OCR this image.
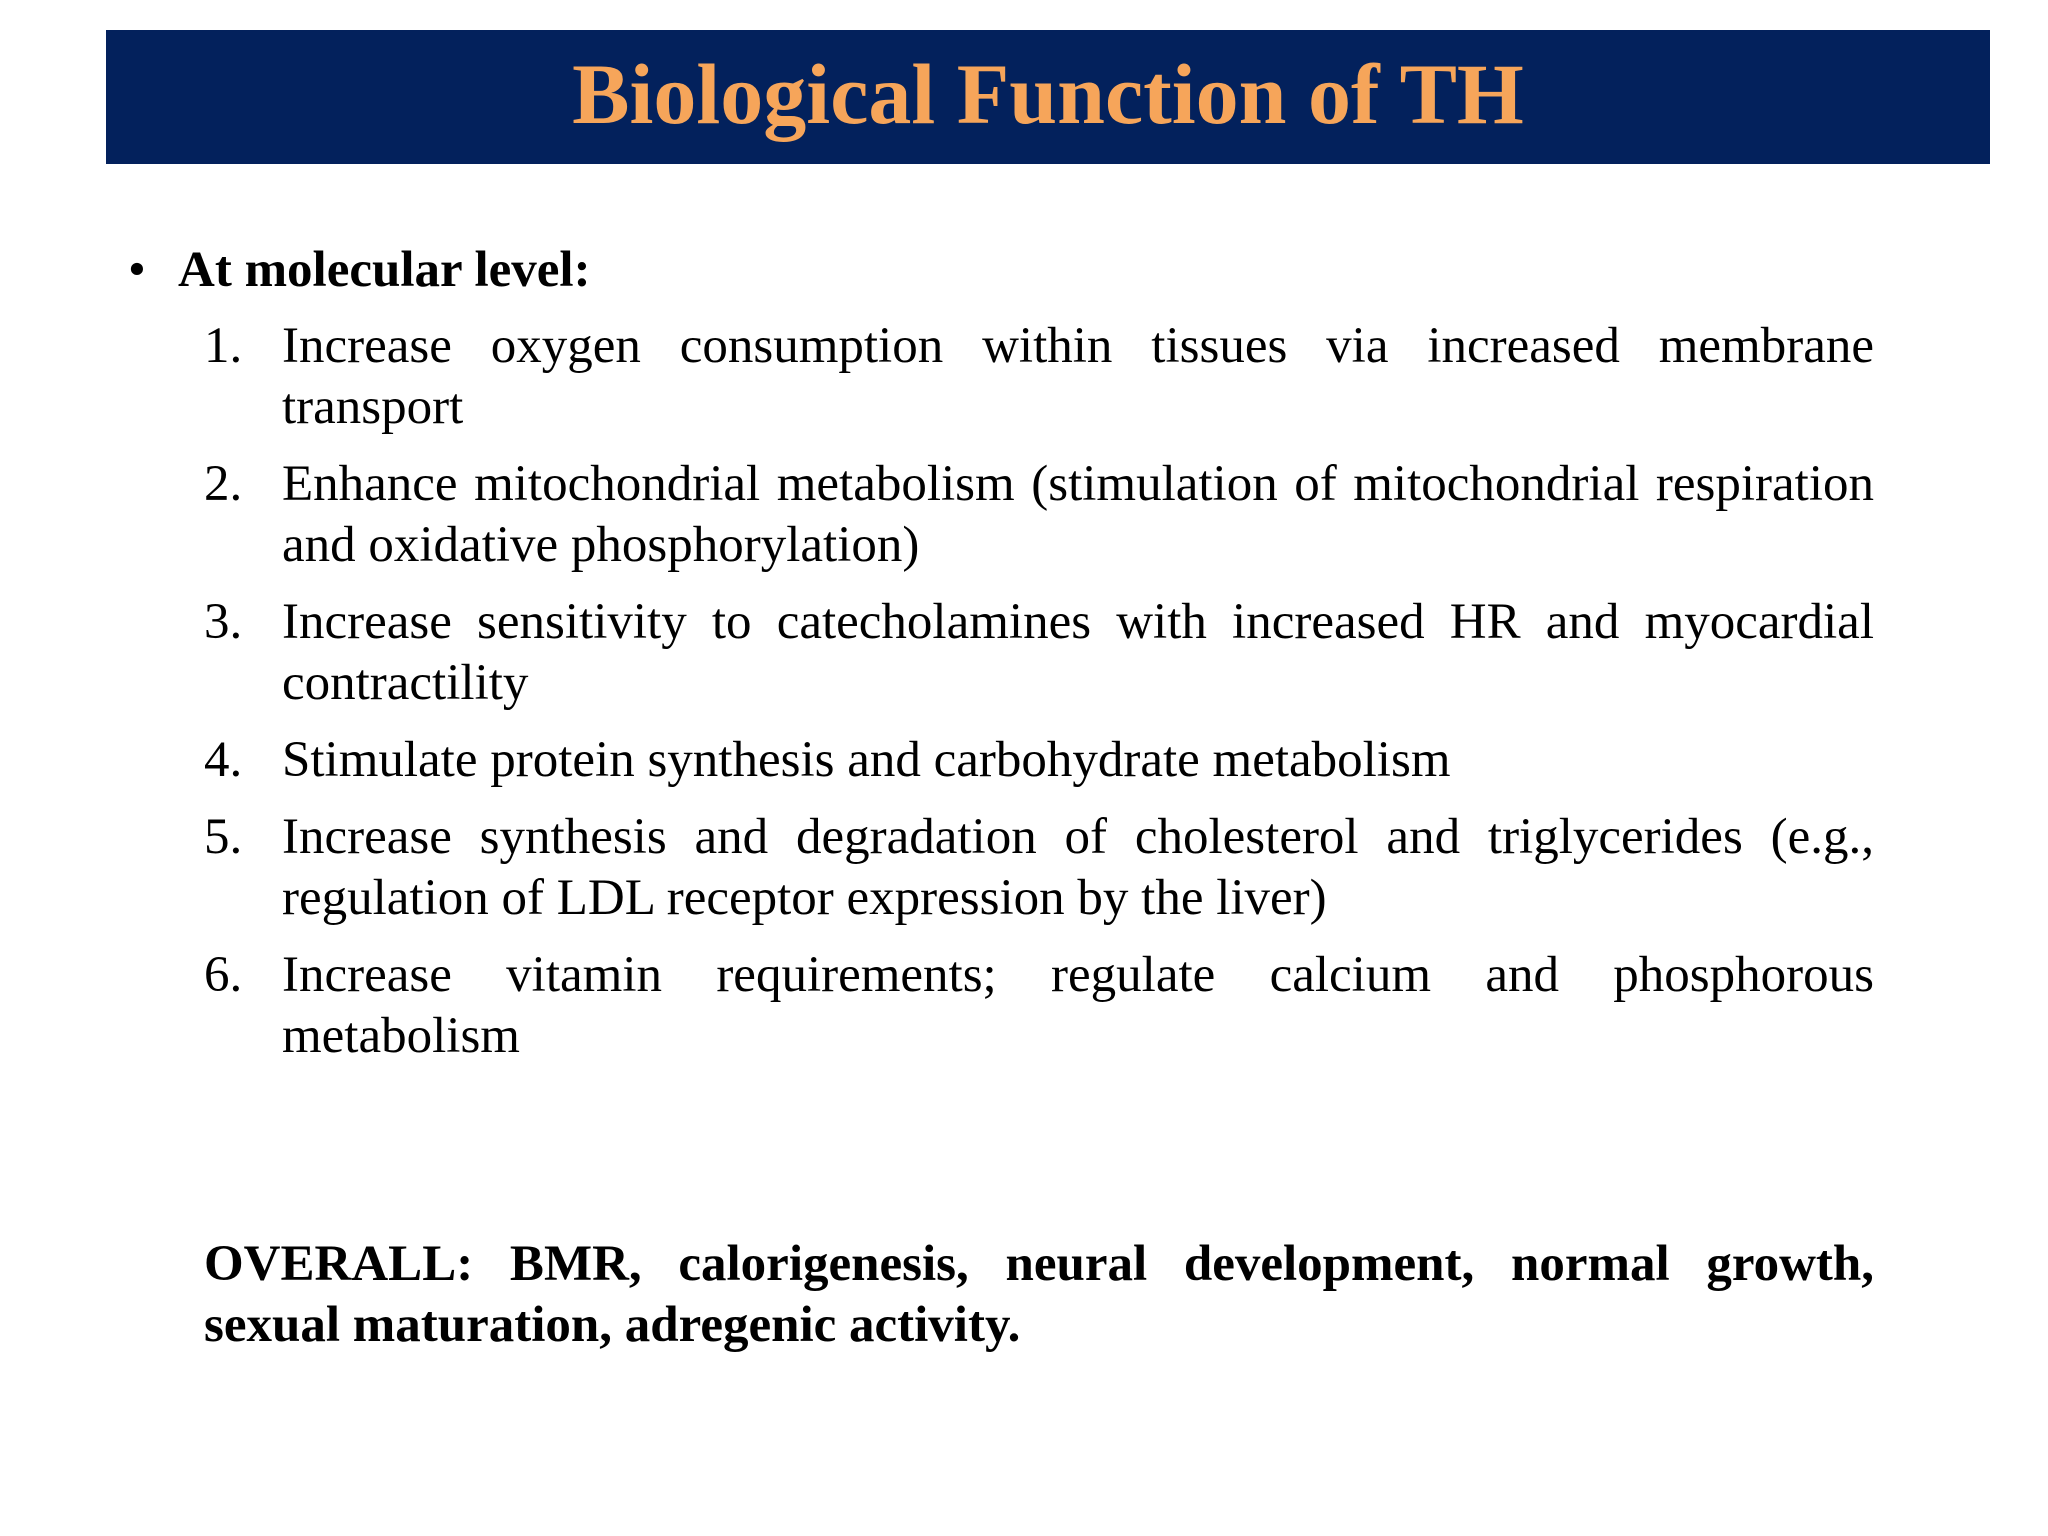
Biological Function of TH
• At molecular level:
1. Increase oxygen consumption within tissues via increased membrane transport
2. Enhance mitochondrial metabolism (stimulation of mitochondrial respiration and oxidative phosphorylation)
3. Increase sensitivity to catecholamines with increased HR and myocardial contractility
4. Stimulate protein synthesis and carbohydrate metabolism
5. Increase synthesis and degradation of cholesterol and triglycerides (e.g., regulation of LDL receptor expression by the liver)
6. Increase vitamin requirements; regulate calcium and phosphorous metabolism
OVERALL: BMR, calorigenesis, neural development, normal growth, sexual maturation, adregenic activity.
